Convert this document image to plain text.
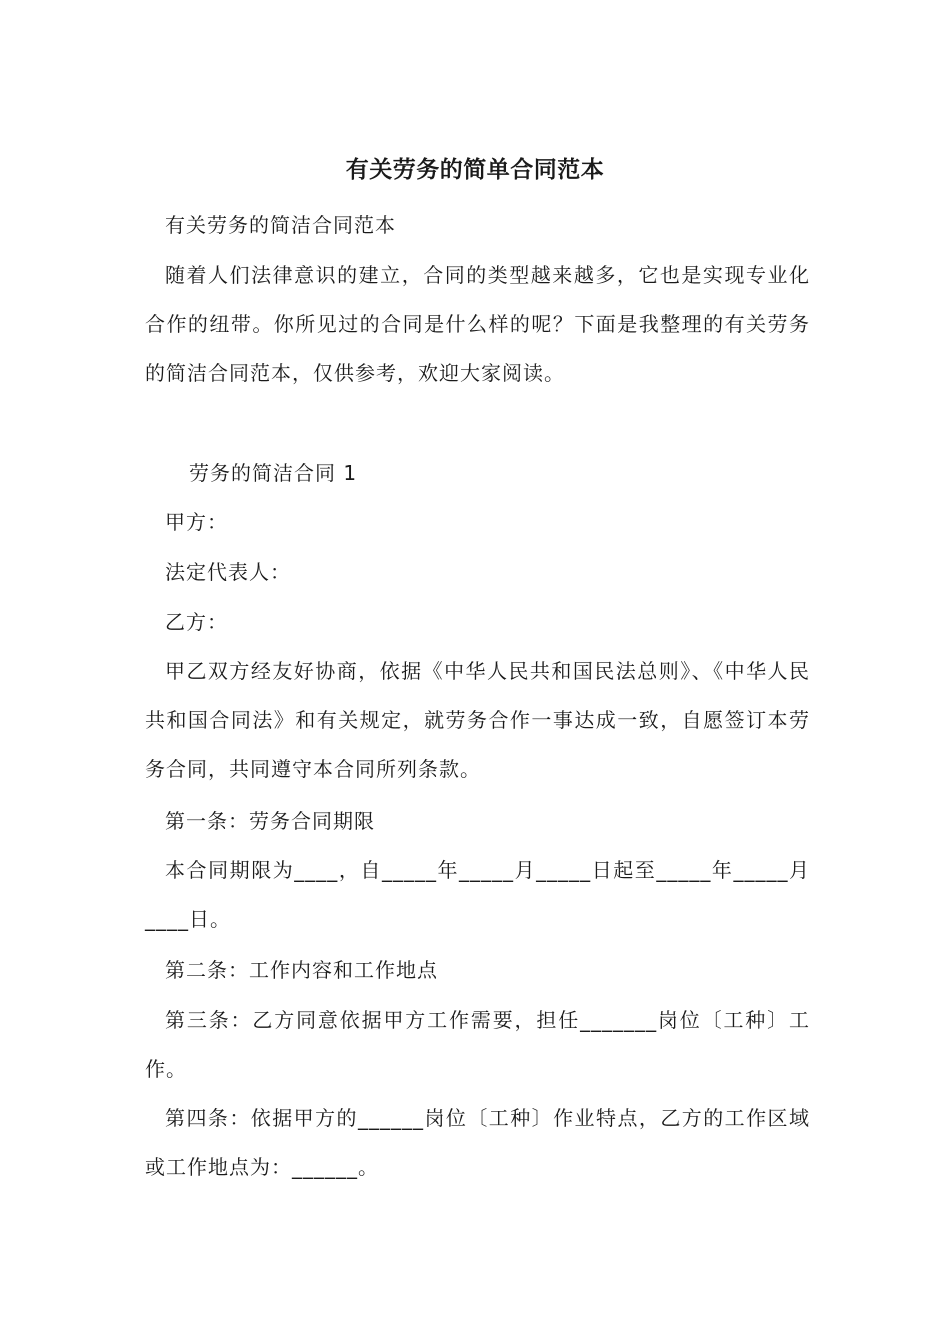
有关劳务的简单合同范本
有关劳务的简洁合同范本
随着人们法律意识的建立，合同的类型越来越多，它也是实现专业化合作的纽带。你所见过的合同是什么样的呢？下面是我整理的有关劳务的简洁合同范本，仅供参考，欢迎大家阅读。
劳务的简洁合同 1
甲方：
法定代表人：
乙方：
甲乙双方经友好协商，依据《中华人民共和国民法总则》、《中华人民共和国合同法》和有关规定，就劳务合作一事达成一致，自愿签订本劳务合同，共同遵守本合同所列条款。
第一条：劳务合同期限
本合同期限为____，自_____年_____月_____日起至_____年_____月____日。
第二条：工作内容和工作地点
第三条：乙方同意依据甲方工作需要，担任_______岗位〔工种〕工作。
第四条：依据甲方的______岗位〔工种〕作业特点，乙方的工作区域或工作地点为：______。
